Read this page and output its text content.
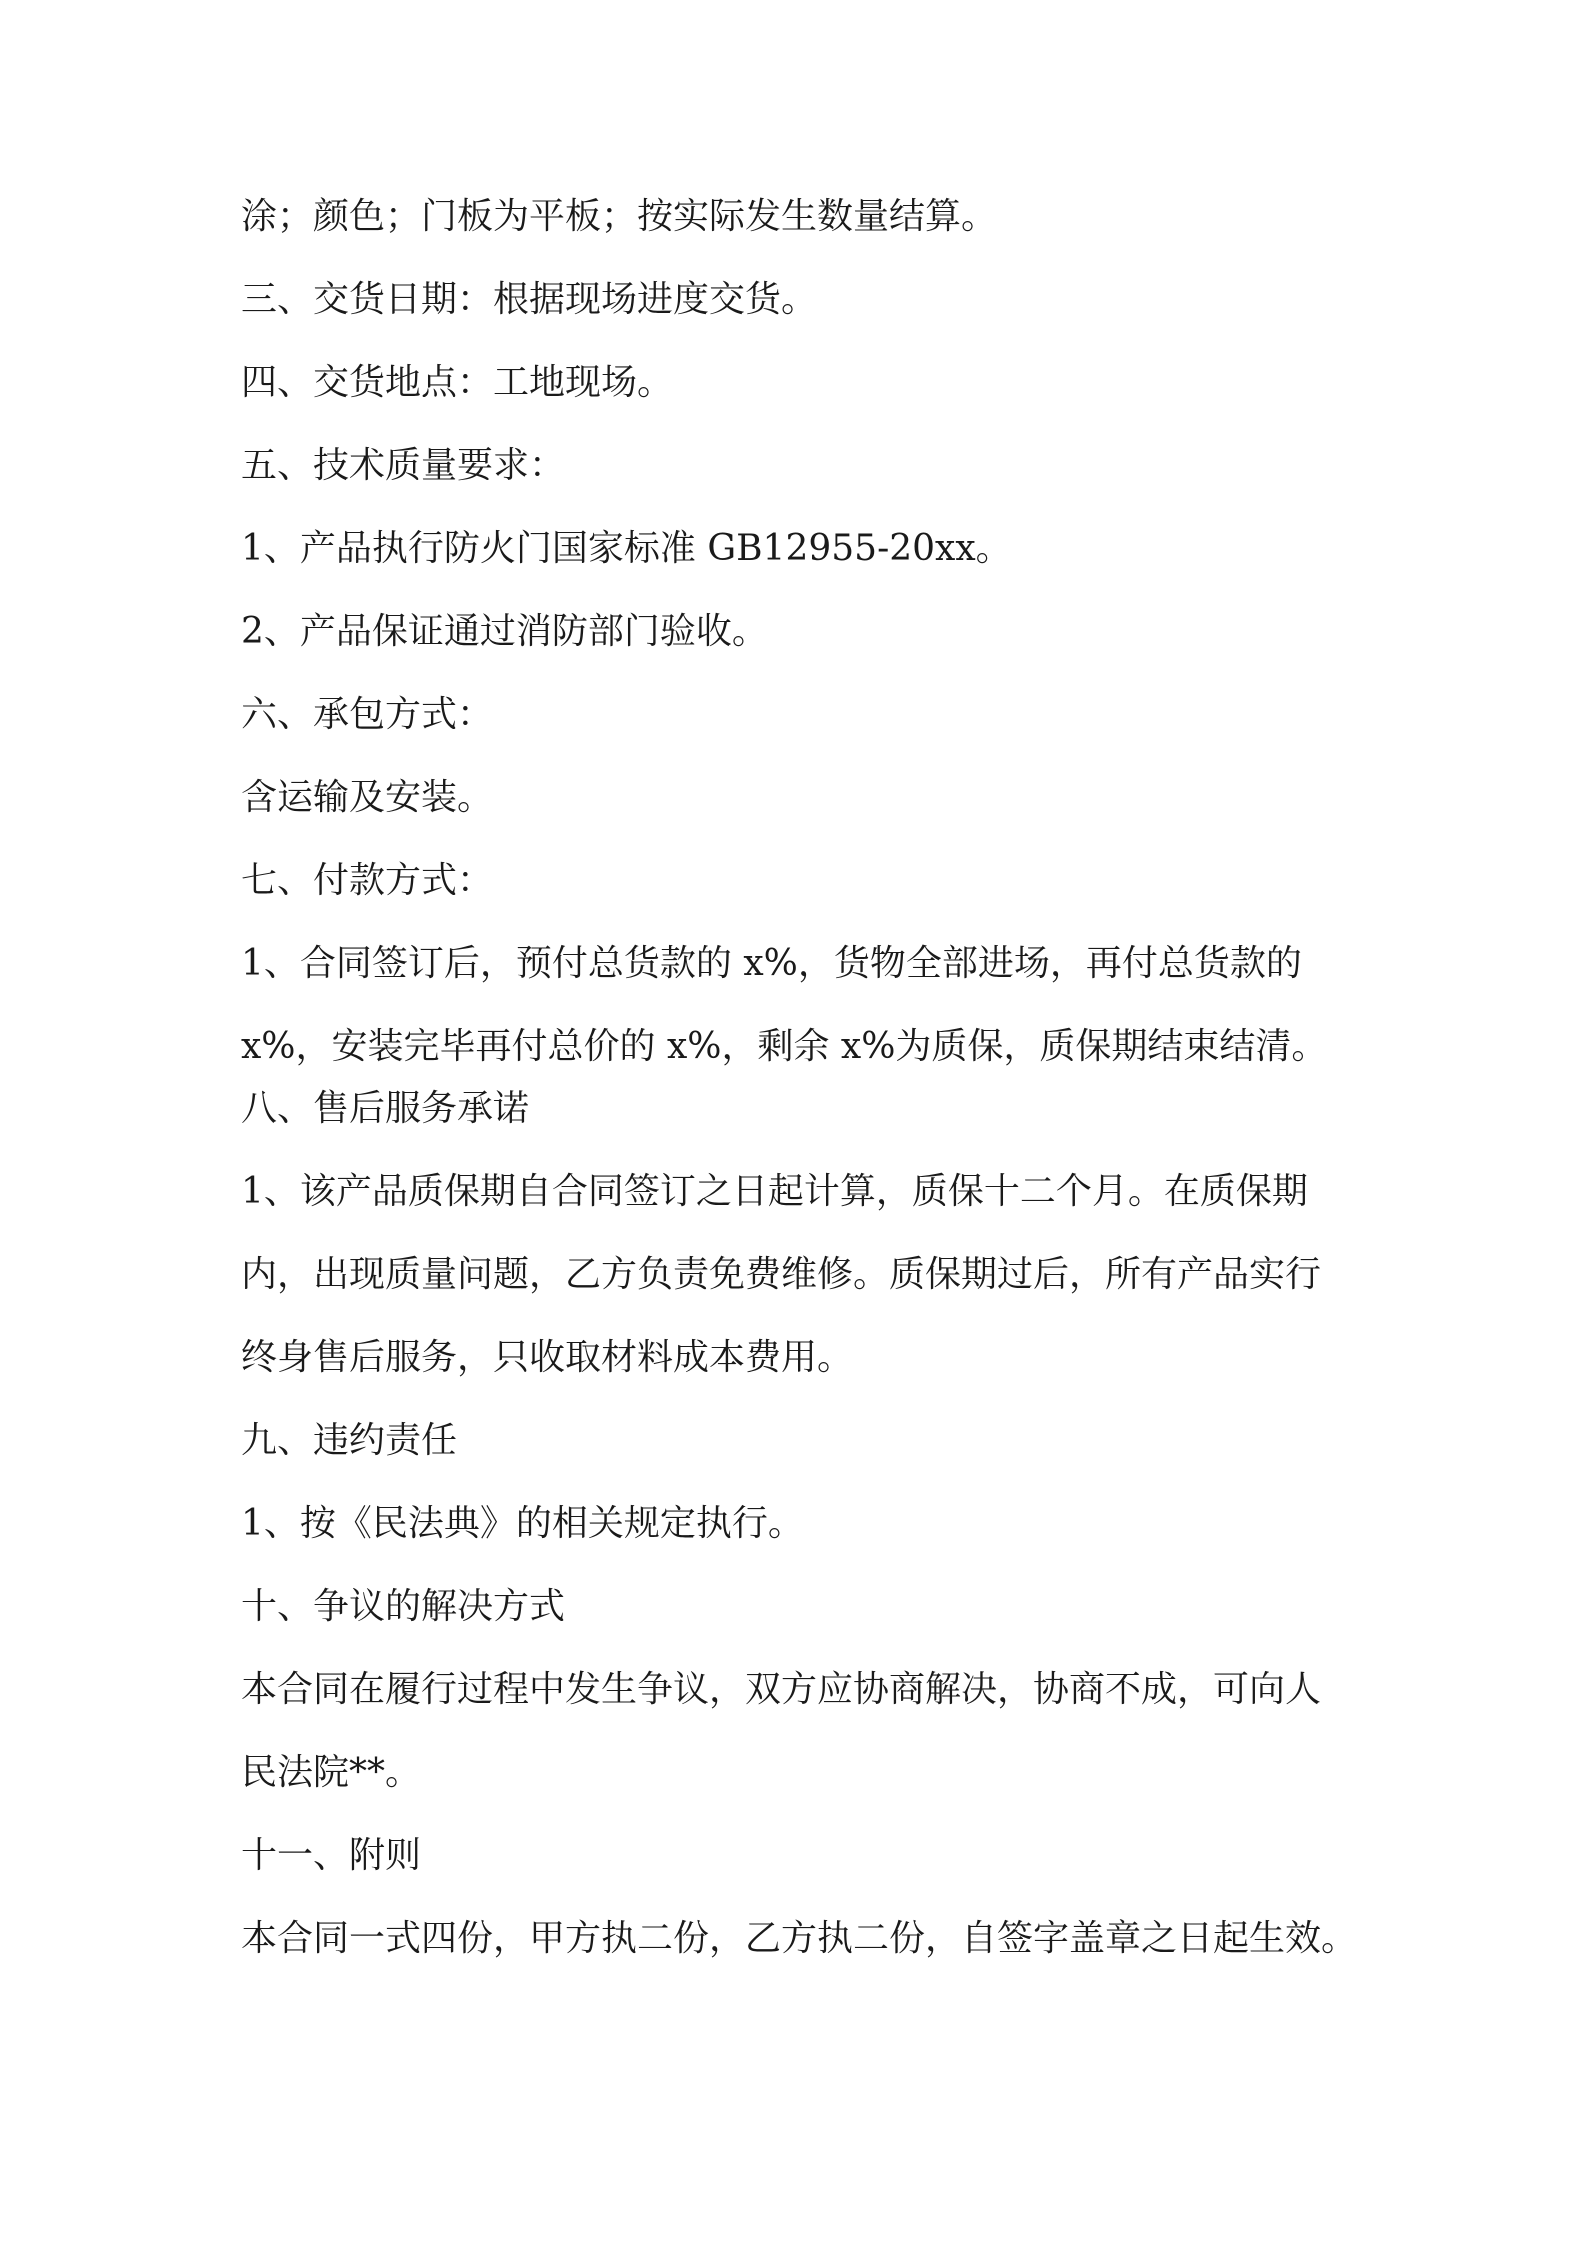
涂；颜色；门板为平板；按实际发生数量结算。

三、交货日期：根据现场进度交货。

四、交货地点：工地现场。

五、技术质量要求：

1、产品执行防火门国家标准 GB12955-20xx。

2、产品保证通过消防部门验收。

六、承包方式：

含运输及安装。

七、付款方式：

1、合同签订后，预付总货款的 x%，货物全部进场，再付总货款的

x%，安装完毕再付总价的 x%，剩余 x%为质保，质保期结束结清。

八、售后服务承诺

1、该产品质保期自合同签订之日起计算，质保十二个月。在质保期

内，出现质量问题，乙方负责免费维修。质保期过后，所有产品实行

终身售后服务，只收取材料成本费用。

九、违约责任

1、按《民法典》的相关规定执行。

十、争议的解决方式

本合同在履行过程中发生争议，双方应协商解决，协商不成，可向人

民法院**。

十一、附则

本合同一式四份，甲方执二份，乙方执二份，自签字盖章之日起生效。
